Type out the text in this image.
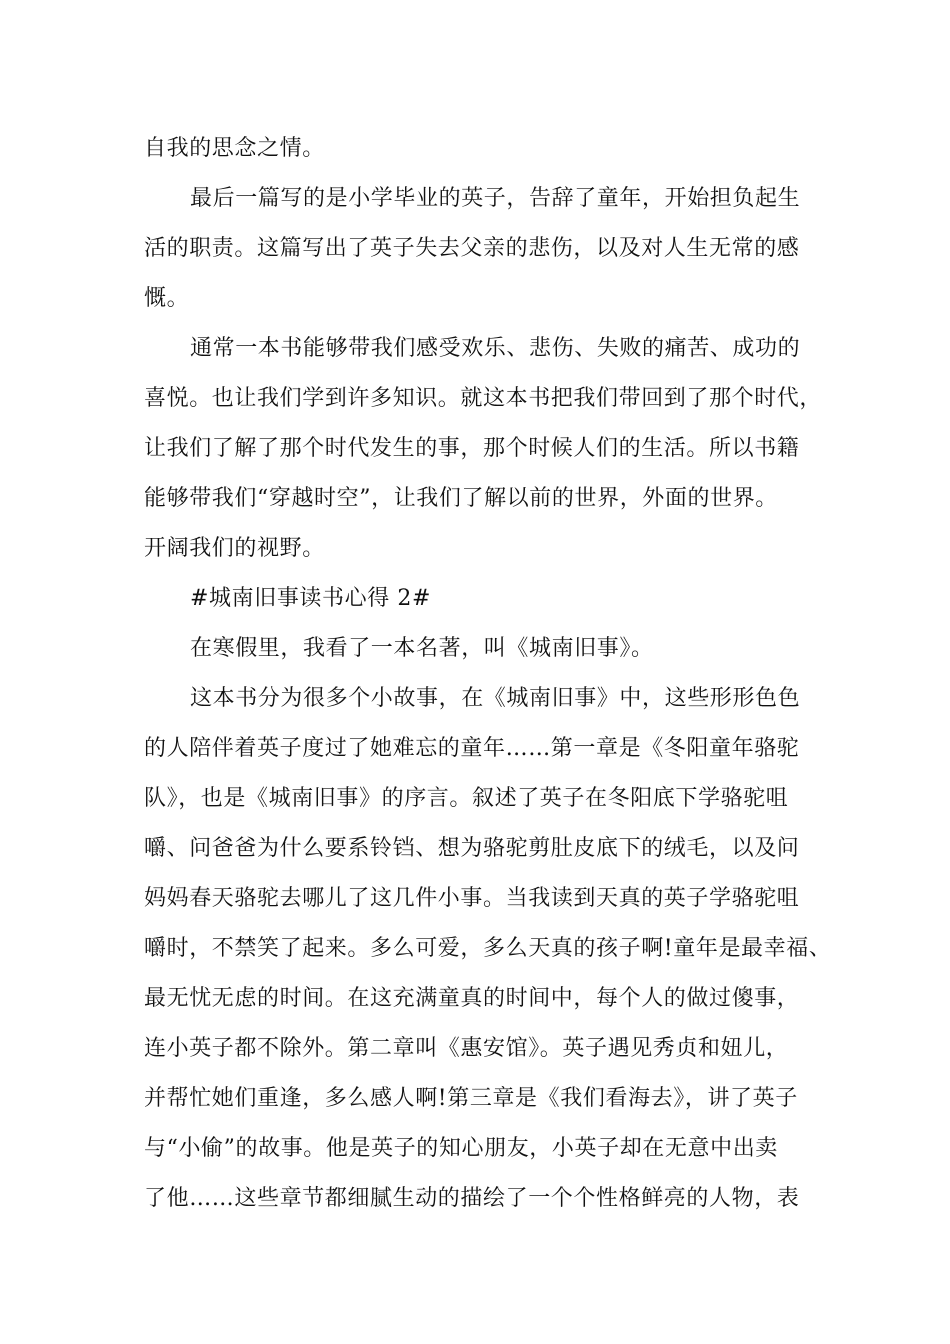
自我的思念之情。
最后一篇写的是小学毕业的英子，告辞了童年，开始担负起生
活的职责。这篇写出了英子失去父亲的悲伤，以及对人生无常的感
慨。
通常一本书能够带我们感受欢乐、悲伤、失败的痛苦、成功的
喜悦。也让我们学到许多知识。就这本书把我们带回到了那个时代，
让我们了解了那个时代发生的事，那个时候人们的生活。所以书籍
能够带我们“穿越时空”，让我们了解以前的世界，外面的世界。
开阔我们的视野。
#城南旧事读书心得 2#
在寒假里，我看了一本名著，叫《城南旧事》。
这本书分为很多个小故事，在《城南旧事》中，这些形形色色
的人陪伴着英子度过了她难忘的童年……第一章是《冬阳童年骆驼
队》，也是《城南旧事》的序言。叙述了英子在冬阳底下学骆驼咀
嚼、问爸爸为什么要系铃铛、想为骆驼剪肚皮底下的绒毛，以及问
妈妈春天骆驼去哪儿了这几件小事。当我读到天真的英子学骆驼咀
嚼时，不禁笑了起来。多么可爱，多么天真的孩子啊!童年是最幸福、
最无忧无虑的时间。在这充满童真的时间中，每个人的做过傻事，
连小英子都不除外。第二章叫《惠安馆》。英子遇见秀贞和妞儿，
并帮忙她们重逢，多么感人啊!第三章是《我们看海去》，讲了英子
与“小偷”的故事。他是英子的知心朋友，小英子却在无意中出卖
了他……这些章节都细腻生动的描绘了一个个性格鲜亮的人物，表
